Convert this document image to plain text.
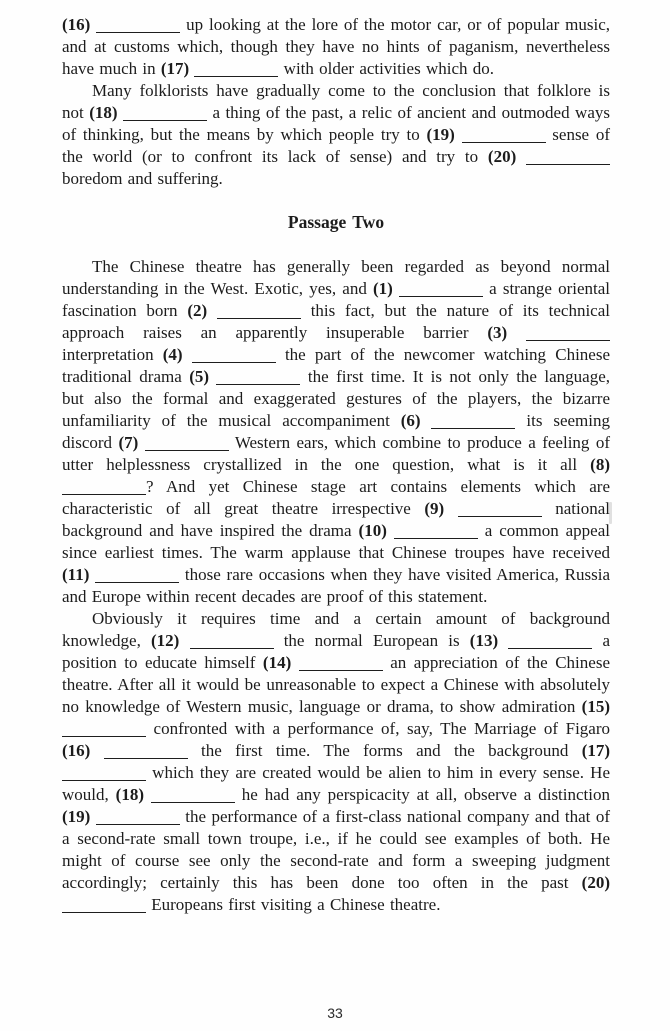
(16)	up looking at the lore of the motor car, or of popular music, and at customs which, though they have no hints of paganism, nevertheless have much in (17)	with older activities which do.

Many folklorists have gradually come to the conclusion that folklore is not (18)	a thing of the past, a relic of ancient and outmoded ways of thinking, but the means by which people try to (19)	sense of the world (or to confront its lack of sense) and try to (20)  boredom and suffering.

Passage Two

The Chinese theatre has generally been regarded as beyond normal understanding in the West. Exotic, yes, and (1)	a strange oriental fascination born (2)	this fact, but the nature of its technical approach raises an apparently insuperable barrier (3)  interpretation (4)	the part of the newcomer watching Chinese traditional drama (5)	the first time. It is not only the language, but also the formal and exaggerated gestures of the players, the bizarre unfamiliarity of the musical accompaniment (6)	its seeming discord (7)	Western ears, which combine to produce a feeling of utter helplessness crystallized in the one question, what is it all (8) ? And yet Chinese stage art contains elements which are characteristic of all great theatre irrespective (9)	national background and have inspired the drama (10)	a common appeal since earliest times. The warm applause that Chinese troupes have received (11)	those rare occasions when they have visited America, Russia and Europe within recent decades are proof of this statement.

Obviously it requires time and a certain amount of background knowledge, (12)	the normal European is (13)	a position to educate himself (14)	an appreciation of the Chinese theatre. After all it would be unreasonable to expect a Chinese with absolutely no knowledge of Western music, language or drama, to show admiration (15)  confronted with a performance of, say, The Marriage of Figaro (16)	the first time. The forms and the background (17)  which they are created would be alien to him in every sense. He would, (18)	he had any perspicacity at all, observe a distinction (19)	the performance of a first-class national company and that of a second-rate small town troupe, i.e., if he could see examples of both. He might of course see only the second-rate and form a sweeping judgment accordingly; certainly this has been done too often in the past (20)  Europeans first visiting a Chinese theatre.

33
